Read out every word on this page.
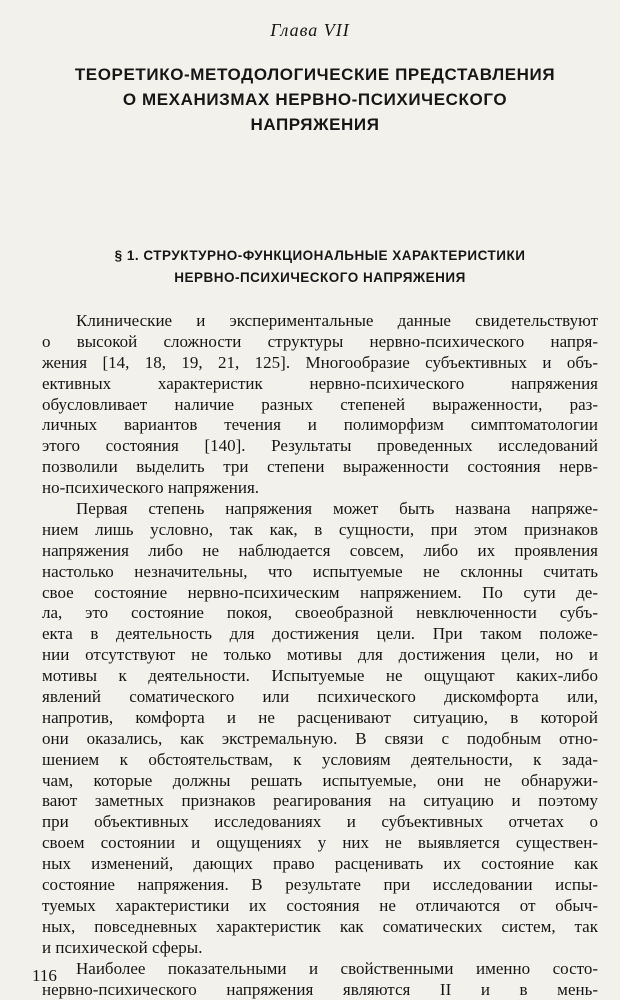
Глава VII
ТЕОРЕТИКО-МЕТОДОЛОГИЧЕСКИЕ ПРЕДСТАВЛЕНИЯ
О МЕХАНИЗМАХ НЕРВНО-ПСИХИЧЕСКОГО
НАПРЯЖЕНИЯ
§ 1. СТРУКТУРНО-ФУНКЦИОНАЛЬНЫЕ ХАРАКТЕРИСТИКИ
НЕРВНО-ПСИХИЧЕСКОГО НАПРЯЖЕНИЯ
Клинические и экспериментальные данные свидетельствуют
о высокой сложности структуры нервно-психического напря-
жения [14, 18, 19, 21, 125]. Многообразие субъективных и объ-
ективных характеристик нервно-психического напряжения
обусловливает наличие разных степеней выраженности, раз-
личных вариантов течения и полиморфизм симптоматологии
этого состояния [140]. Результаты проведенных исследований
позволили выделить три степени выраженности состояния нерв-
но-психического напряжения.
Первая степень напряжения может быть названа напряже-
нием лишь условно, так как, в сущности, при этом признаков
напряжения либо не наблюдается совсем, либо их проявления
настолько незначительны, что испытуемые не склонны считать
свое состояние нервно-психическим напряжением. По сути де-
ла, это состояние покоя, своеобразной невключенности субъ-
екта в деятельность для достижения цели. При таком положе-
нии отсутствуют не только мотивы для достижения цели, но и
мотивы к деятельности. Испытуемые не ощущают каких-либо
явлений соматического или психического дискомфорта или,
напротив, комфорта и не расценивают ситуацию, в которой
они оказались, как экстремальную. В связи с подобным отно-
шением к обстоятельствам, к условиям деятельности, к зада-
чам, которые должны решать испытуемые, они не обнаружи-
вают заметных признаков реагирования на ситуацию и поэтому
при объективных исследованиях и субъективных отчетах о
своем состоянии и ощущениях у них не выявляется существен-
ных изменений, дающих право расценивать их состояние как
состояние напряжения. В результате при исследовании испы-
туемых характеристики их состояния не отличаются от обыч-
ных, повседневных характеристик как соматических систем, так
и психической сферы.
Наиболее показательными и свойственными именно состо-
нервно-психического напряжения являются II и в мень-
116
